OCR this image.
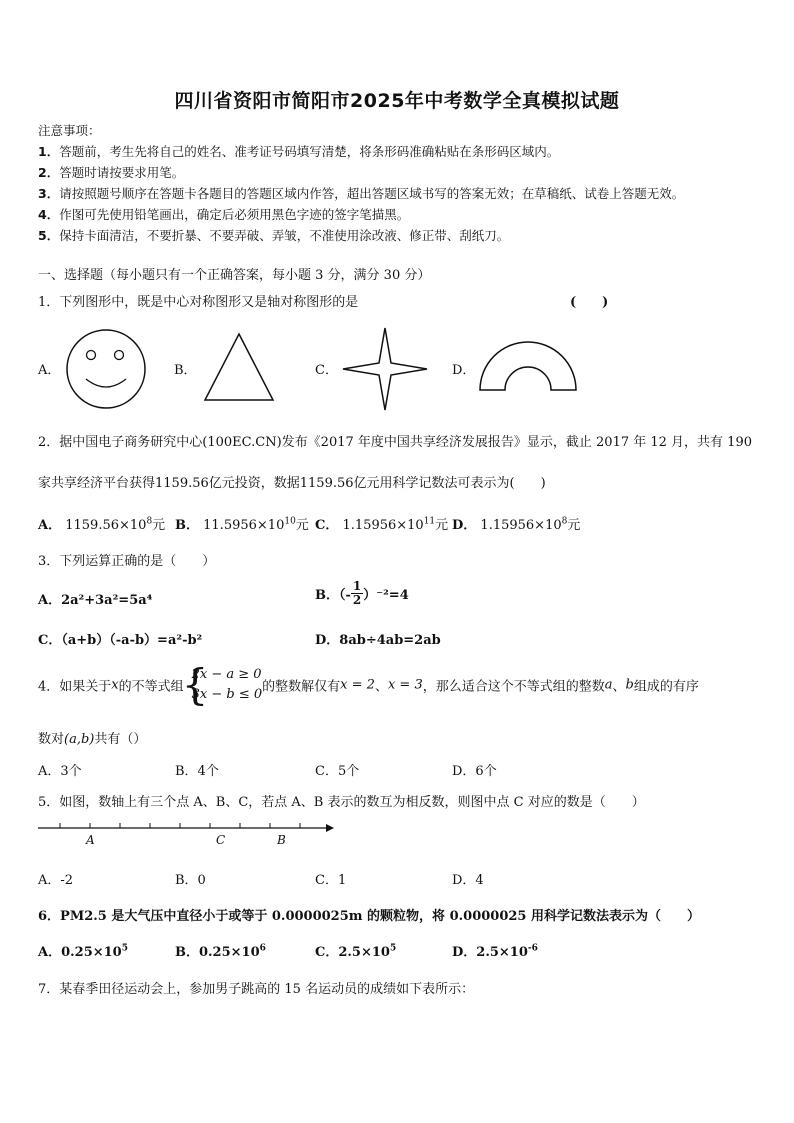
四川省资阳市简阳市2025年中考数学全真模拟试题
注意事项：
1．答题前，考生先将自己的姓名、准考证号码填写清楚，将条形码准确粘贴在条形码区域内。
2．答题时请按要求用笔。
3．请按照题号顺序在答题卡各题目的答题区域内作答，超出答题区域书写的答案无效；在草稿纸、试卷上答题无效。
4．作图可先使用铅笔画出，确定后必须用黑色字迹的签字笔描黑。
5．保持卡面清洁，不要折暴、不要弄破、弄皱，不准使用涂改液、修正带、刮纸刀。
一、选择题（每小题只有一个正确答案，每小题 3 分，满分 30 分）
1．下列图形中，既是中心对称图形又是轴对称图形的是	(　　)
A．	B．	C．	D．
2．据中国电子商务研究中心(100EC.CN)发布《2017 年度中国共享经济发展报告》显示，截止 2017 年 12 月，共有 190
家共享经济平台获得1159.56亿元投资，数据1159.56亿元用科学记数法可表示为(　　)
A． $1159.56\times 10^8$元 B． $11.5956\times 10^{10}$元 C． $1.15956\times 10^{11}$元 D． $1.15956\times 10^8$元
3．下列运算正确的是（　　）
A．2a²+3a²=5a⁴	B．（- $\frac{1}{2} )^{-2}=4$
C．（a+b）（-a-b）=a²-b²	D．8ab÷4ab=2ab
4．如果关于x的不等式组
{
2x − a ≥ 0
3x − b ≤ 0 的整数解仅有x = 2、x = 3，那么适合这个不等式组的整数a、b组成的有序
数对(a,b)共有（）
A．3个	B．4个	C．5个	D．6个
5．如图，数轴上有三个点 A、B、C，若点 A、B 表示的数互为相反数，则图中点 C 对应的数是（　　）
A	C	B
A．-2	B．0	C．1	D．4
6．PM2.5 是大气压中直径小于或等于 0.0000025m 的颗粒物，将 0.0000025 用科学记数法表示为（　　）
A．$0.25\times 10^5$	B．$0.25\times 10^6$	C．$2.5\times 10^5$	D．$2.5\times 10^{-6}$
7．某春季田径运动会上，参加男子跳高的 15 名运动员的成绩如下表所示：
